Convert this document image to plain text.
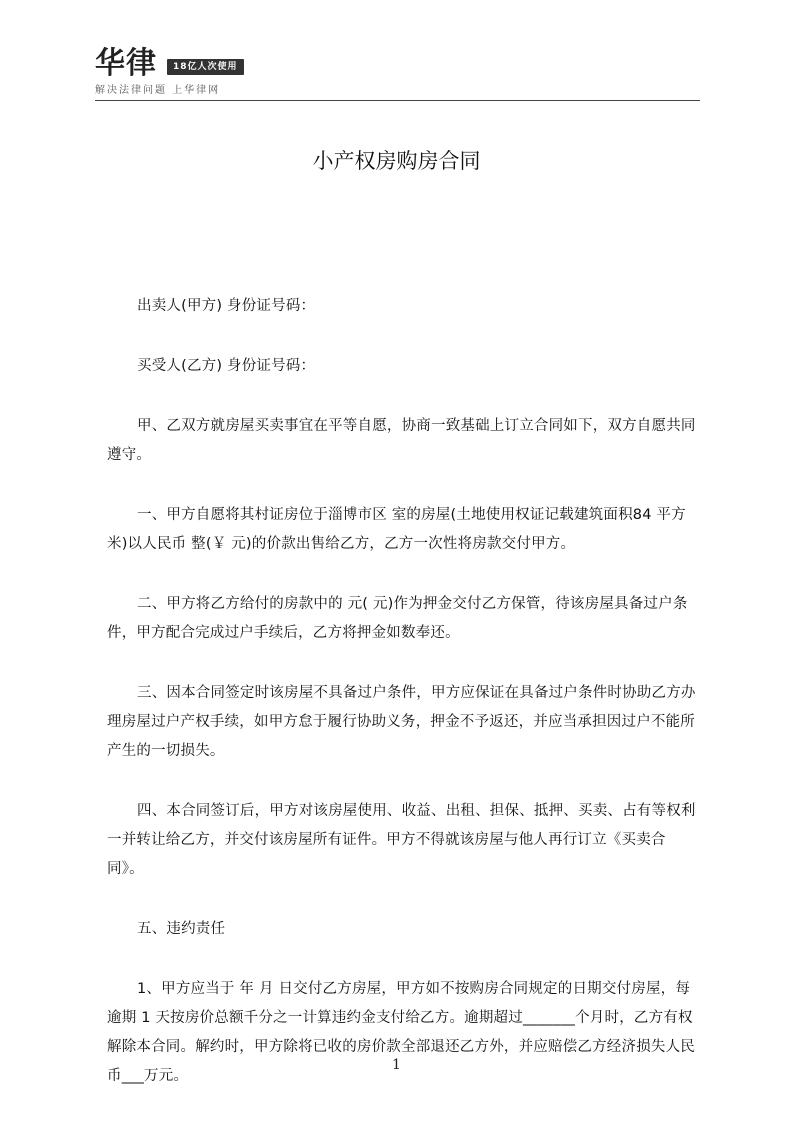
华律	18亿人次使用
解决法律问题 上华律网
小产权房购房合同

出卖人(甲方) 身份证号码：

买受人(乙方) 身份证号码：

甲、乙双方就房屋买卖事宜在平等自愿，协商一致基础上订立合同如下，双方自愿共同遵守。

一、甲方自愿将其村证房位于淄博市区 室的房屋(土地使用权证记载建筑面积84 平方米)以人民币 整(￥ 元)的价款出售给乙方，乙方一次性将房款交付甲方。

二、甲方将乙方给付的房款中的 元( 元)作为押金交付乙方保管，待该房屋具备过户条件，甲方配合完成过户手续后，乙方将押金如数奉还。

三、因本合同签定时该房屋不具备过户条件，甲方应保证在具备过户条件时协助乙方办理房屋过户产权手续，如甲方怠于履行协助义务，押金不予返还，并应当承担因过户不能所产生的一切损失。

四、本合同签订后，甲方对该房屋使用、收益、出租、担保、抵押、买卖、占有等权利一并转让给乙方，并交付该房屋所有证件。甲方不得就该房屋与他人再行订立《买卖合同》。

五、违约责任

1、甲方应当于 年 月 日交付乙方房屋，甲方如不按购房合同规定的日期交付房屋，每逾期 1 天按房价总额千分之一计算违约金支付给乙方。逾期超过_______个月时，乙方有权解除本合同。解约时，甲方除将已收的房价款全部退还乙方外，并应赔偿乙方经济损失人民币___万元。

1
